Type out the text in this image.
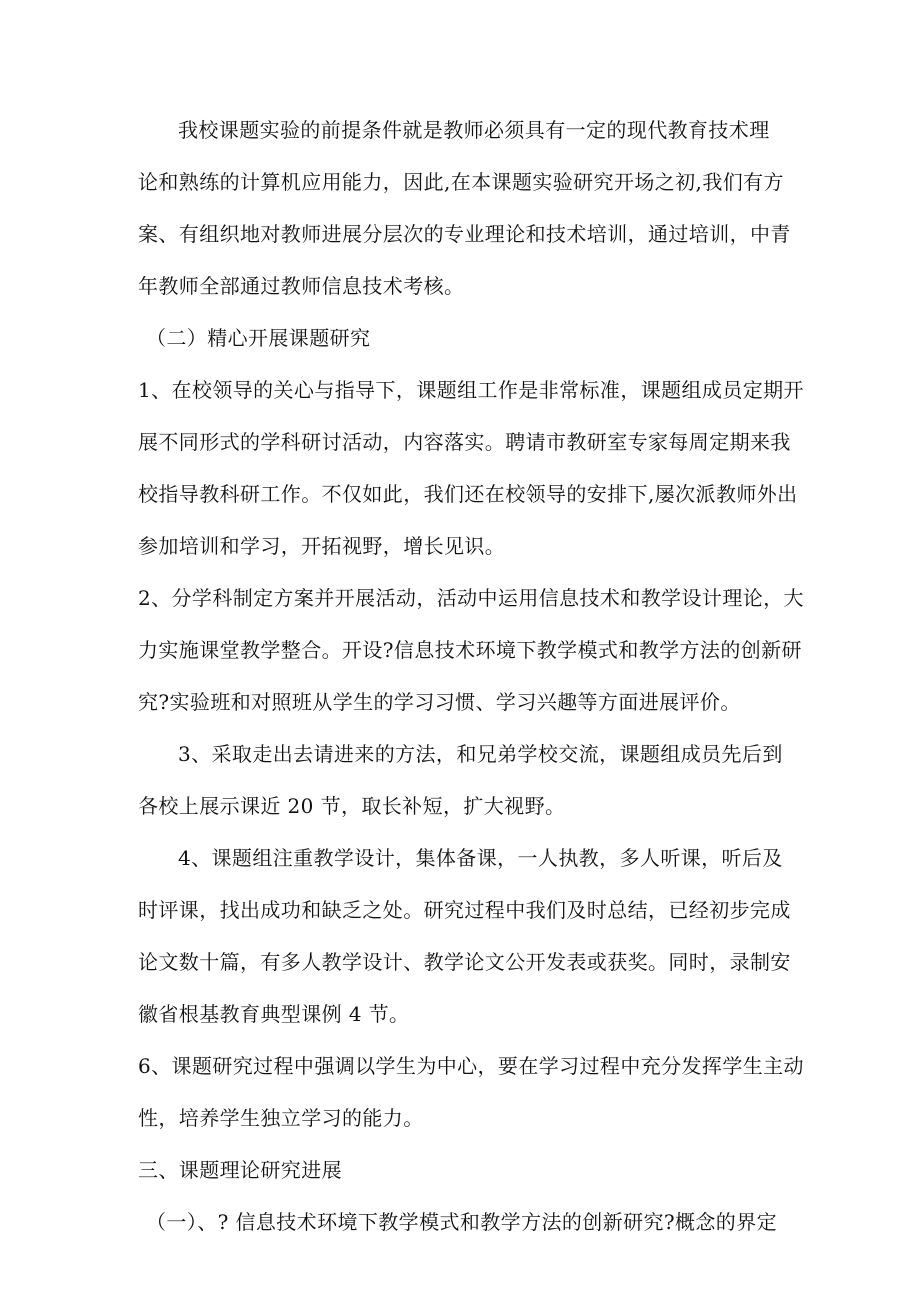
我校课题实验的前提条件就是教师必须具有一定的现代教育技术理
论和熟练的计算机应用能力，因此,在本课题实验研究开场之初,我们有方
案、有组织地对教师进展分层次的专业理论和技术培训，通过培训，中青
年教师全部通过教师信息技术考核。
（二）精心开展课题研究
1、在校领导的关心与指导下，课题组工作是非常标准，课题组成员定期开
展不同形式的学科研讨活动，内容落实。聘请市教研室专家每周定期来我
校指导教科研工作。不仅如此，我们还在校领导的安排下,屡次派教师外出
参加培训和学习，开拓视野，增长见识。
2、分学科制定方案并开展活动，活动中运用信息技术和教学设计理论，大
力实施课堂教学整合。开设?信息技术环境下教学模式和教学方法的创新研
究?实验班和对照班从学生的学习习惯、学习兴趣等方面进展评价。
3、采取走出去请进来的方法，和兄弟学校交流，课题组成员先后到
各校上展示课近 20 节，取长补短，扩大视野。
4、课题组注重教学设计，集体备课，一人执教，多人听课，听后及
时评课，找出成功和缺乏之处。研究过程中我们及时总结，已经初步完成
论文数十篇，有多人教学设计、教学论文公开发表或获奖。同时，录制安
徽省根基教育典型课例 4 节。
6、课题研究过程中强调以学生为中心，要在学习过程中充分发挥学生主动
性，培养学生独立学习的能力。
三、课题理论研究进展
（一）、? 信息技术环境下教学模式和教学方法的创新研究?概念的界定
